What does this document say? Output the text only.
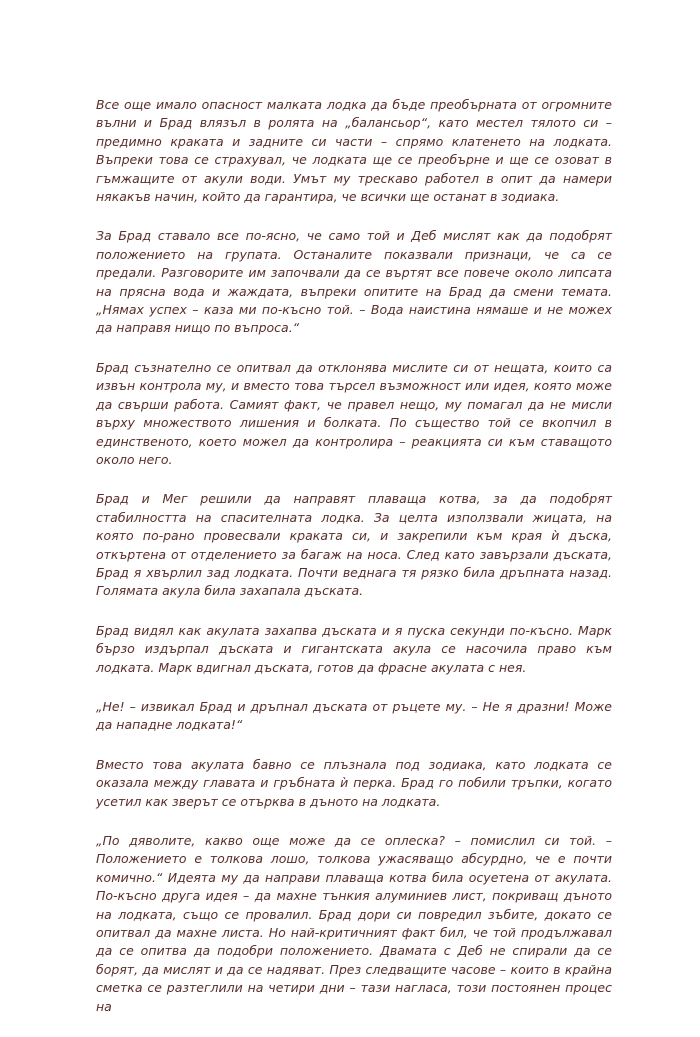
Все още имало опасност малката лодка да бъде преобърната от огромните вълни и Брад влязъл в ролята на „балансьор“, като местел тялото си – предимно краката и задните си части – спрямо клатенето на лодката. Въпреки това се страхувал, че лодката ще се преобърне и ще се озоват в гъмжащите от акули води. Умът му трескаво работел в опит да намери някакъв начин, който да гарантира, че всички ще останат в зодиака.

За Брад ставало все по-ясно, че само той и Деб мислят как да подобрят положението на групата. Останалите показвали признаци, че са се предали. Разговорите им започвали да се въртят все повече около липсата на прясна вода и жаждата, въпреки опитите на Брад да смени темата. „Нямах успех – каза ми по-късно той. – Вода наистина нямаше и не можех да направя нищо по въпроса.“

Брад съзнателно се опитвал да отклонява мислите си от нещата, които са извън контрола му, и вместо това търсел възможност или идея, която може да свърши работа. Самият факт, че правел нещо, му помагал да не мисли върху множеството лишения и болката. По същество той се вкопчил в единственото, което можел да контролира – реакцията си към ставащото около него.

Брад и Мег решили да направят плаваща котва, за да подобрят стабилността на спасителната лодка. За целта използвали жицата, на която по-рано провесвали краката си, и закрепили към края ѝ дъска, откъртена от отделението за багаж на носа. След като завързали дъската, Брад я хвърлил зад лодката. Почти веднага тя рязко била дръпната назад. Голямата акула била захапала дъската.

Брад видял как акулата захапва дъската и я пуска секунди по-късно. Марк бързо издърпал дъската и гигантската акула се насочила право към лодката. Марк вдигнал дъската, готов да фрасне акулата с нея.

„Не! – извикал Брад и дръпнал дъската от ръцете му. – Не я дразни! Може да нападне лодката!“

Вместо това акулата бавно се плъзнала под зодиака, като лодката се оказала между главата и гръбната ѝ перка. Брад го побили тръпки, когато усетил как зверът се отърква в дъното на лодката.

„По дяволите, какво още може да се оплеска? – помислил си той. – Положението е толкова лошо, толкова ужасяващо абсурдно, че е почти комично.“ Идеята му да направи плаваща котва била осуетена от акулата. По-късно друга идея – да махне тънкия алуминиев лист, покриващ дъното на лодката, също се провалил. Брад дори си повредил зъбите, докато се опитвал да махне листа. Но най-критичният факт бил, че той продължавал да се опитва да подобри положението. Двамата с Деб не спирали да се борят, да мислят и да се надяват. През следващите часове – които в крайна сметка се разтеглили на четири дни – тази нагласа, този постоянен процес на
